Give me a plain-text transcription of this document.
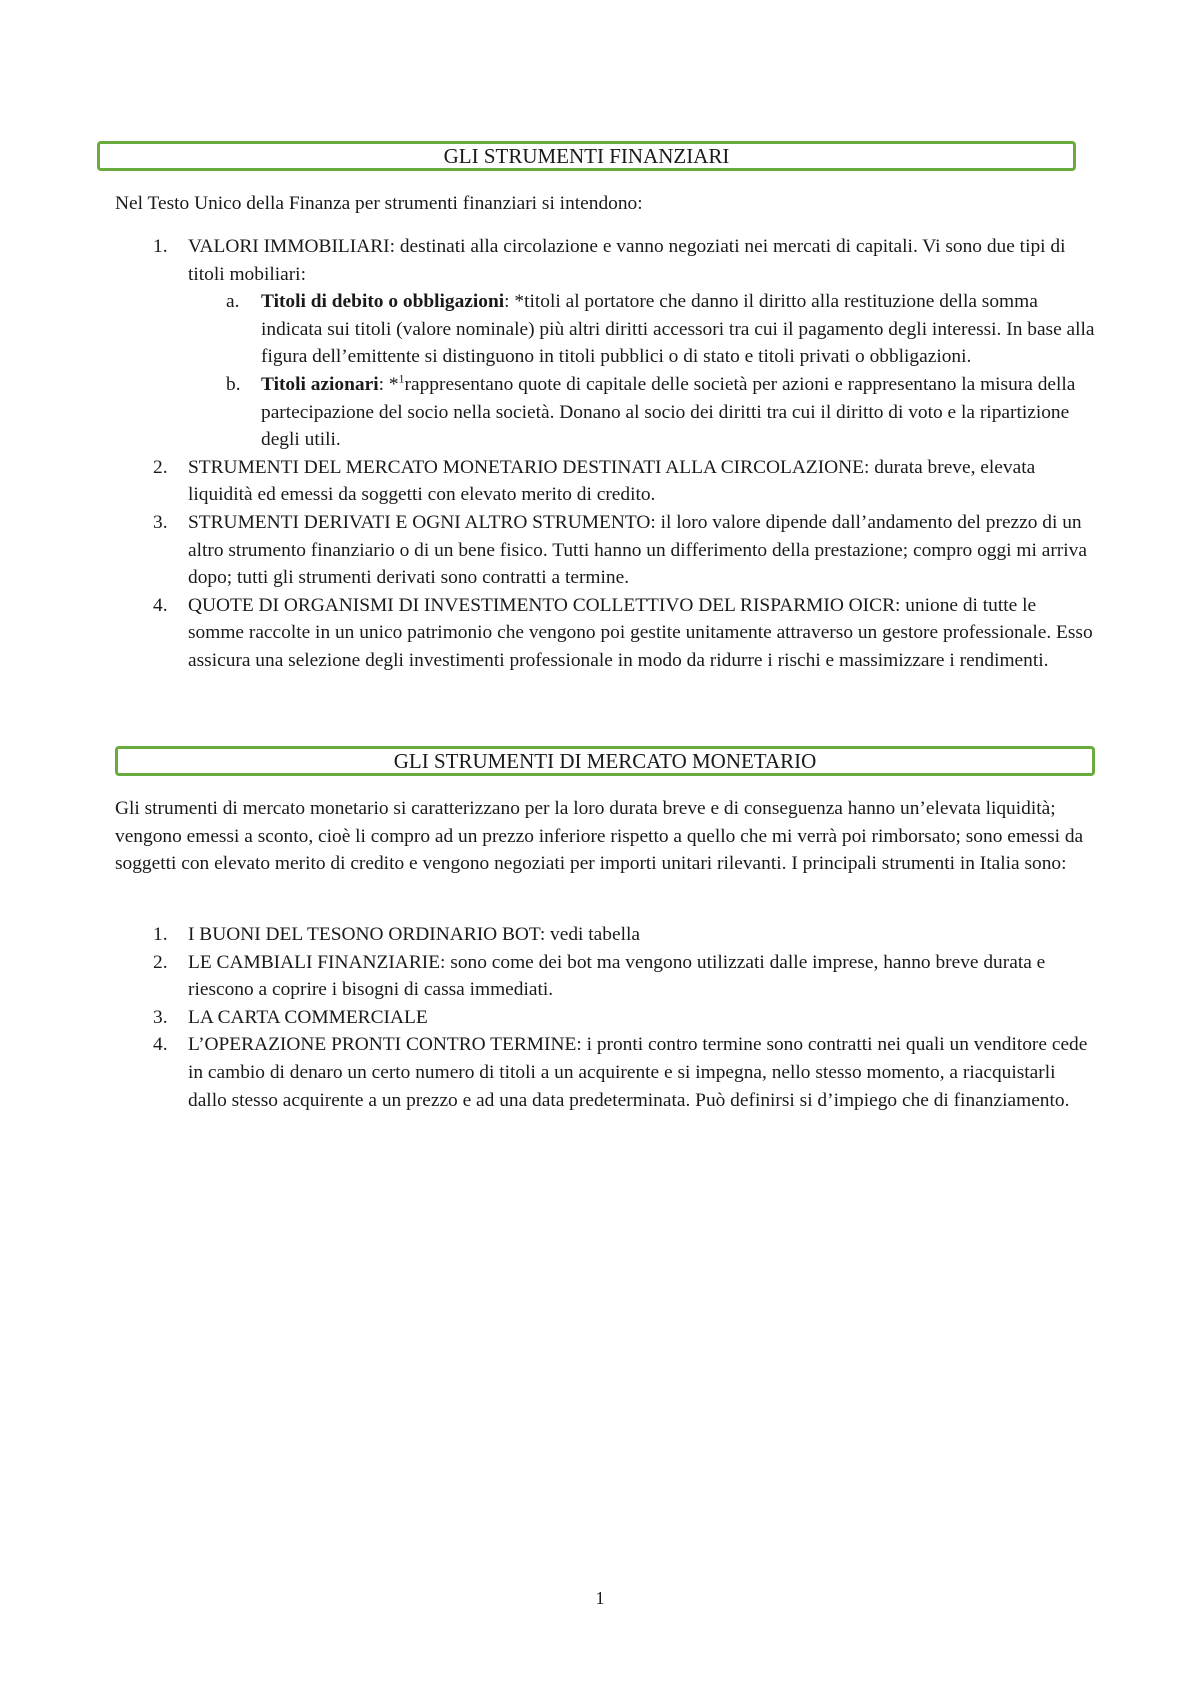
GLI STRUMENTI FINANZIARI

Nel Testo Unico della Finanza per strumenti finanziari si intendono:

1. VALORI IMMOBILIARI: destinati alla circolazione e vanno negoziati nei mercati di capitali. Vi sono due tipi di titoli mobiliari:
a. Titoli di debito o obbligazioni: *titoli al portatore che danno il diritto alla restituzione della somma indicata sui titoli (valore nominale) più altri diritti accessori tra cui il pagamento degli interessi. In base alla figura dell’emittente si distinguono in titoli pubblici o di stato e titoli privati o obbligazioni.
b. Titoli azionari: *$^1$rappresentano quote di capitale delle società per azioni e rappresentano la misura della partecipazione del socio nella società. Donano al socio dei diritti tra cui il diritto di voto e la ripartizione degli utili.
2. STRUMENTI DEL MERCATO MONETARIO DESTINATI ALLA CIRCOLAZIONE: durata breve, elevata liquidità ed emessi da soggetti con elevato merito di credito.
3. STRUMENTI DERIVATI E OGNI ALTRO STRUMENTO: il loro valore dipende dall’andamento del prezzo di un altro strumento finanziario o di un bene fisico. Tutti hanno un differimento della prestazione; compro oggi mi arriva dopo; tutti gli strumenti derivati sono contratti a termine.
4. QUOTE DI ORGANISMI DI INVESTIMENTO COLLETTIVO DEL RISPARMIO OICR: unione di tutte le somme raccolte in un unico patrimonio che vengono poi gestite unitamente attraverso un gestore professionale. Esso assicura una selezione degli investimenti professionale in modo da ridurre i rischi e massimizzare i rendimenti.
GLI STRUMENTI DI MERCATO MONETARIO

Gli strumenti di mercato monetario si caratterizzano per la loro durata breve e di conseguenza hanno un’elevata liquidità; vengono emessi a sconto, cioè li compro ad un prezzo inferiore rispetto a quello che mi verrà poi rimborsato; sono emessi da soggetti con elevato merito di credito e vengono negoziati per importi unitari rilevanti. I principali strumenti in Italia sono:

1. I BUONI DEL TESONO ORDINARIO BOT: vedi tabella
2. LE CAMBIALI FINANZIARIE: sono come dei bot ma vengono utilizzati dalle imprese, hanno breve durata e riescono a coprire i bisogni di cassa immediati.
3. LA CARTA COMMERCIALE
4. L’OPERAZIONE PRONTI CONTRO TERMINE: i pronti contro termine sono contratti nei quali un venditore cede in cambio di denaro un certo numero di titoli a un acquirente e si impegna, nello stesso momento, a riacquistarli dallo stesso acquirente a un prezzo e ad una data predeterminata. Può definirsi si d’impiego che di finanziamento.
1
